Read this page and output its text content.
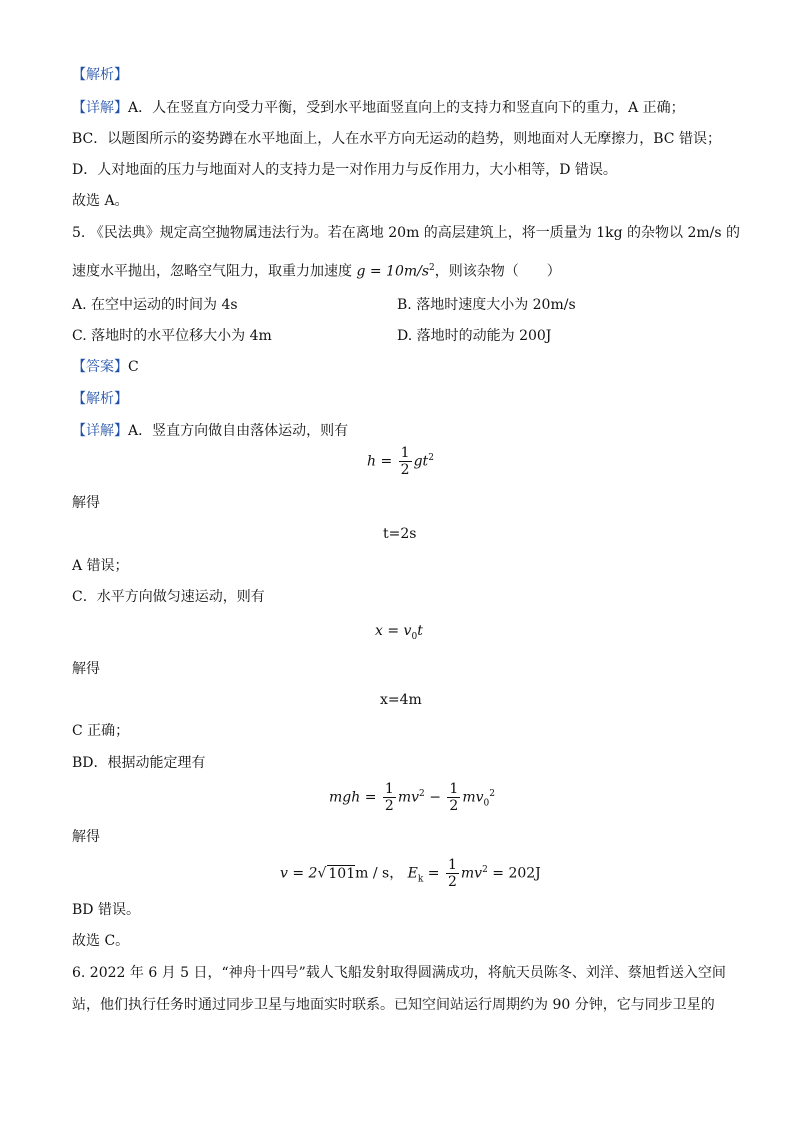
【解析】
【详解】A．人在竖直方向受力平衡，受到水平地面竖直向上的支持力和竖直向下的重力，A 正确；
BC．以题图所示的姿势蹲在水平地面上，人在水平方向无运动的趋势，则地面对人无摩擦力，BC 错误；
D．人对地面的压力与地面对人的支持力是一对作用力与反作用力，大小相等，D 错误。
故选 A。
5. 《民法典》规定高空抛物属违法行为。若在离地 20m 的高层建筑上，将一质量为 1kg 的杂物以 2m/s 的
速度水平抛出，忽略空气阻力，取重力加速度 $g = 10m/s^2$，则该杂物（　　）
A. 在空中运动的时间为 4s	B. 落地时速度大小为 20m/s
C. 落地时的水平位移大小为 4m	D. 落地时的动能为 200J
【答案】C
【解析】
【详解】A．竖直方向做自由落体运动，则有
$h = \frac{1}{2} gt^2$
解得
t=2s
A 错误；
C．水平方向做匀速运动，则有
$x = v_0t$
解得
x=4m
C 正确；
BD．根据动能定理有
mgh = $\frac{1}{2} mv^2 - \frac{1}{2} mv_0^2$
解得
v = 2√ 101m / s， $E_k = \frac{1}{2} mv^2 = 202J$
BD 错误。
故选 C。
6. 2022 年 6 月 5 日，“神舟十四号”载人飞船发射取得圆满成功，将航天员陈冬、刘洋、蔡旭哲送入空间
站，他们执行任务时通过同步卫星与地面实时联系。已知空间站运行周期约为 90 分钟，它与同步卫星的
